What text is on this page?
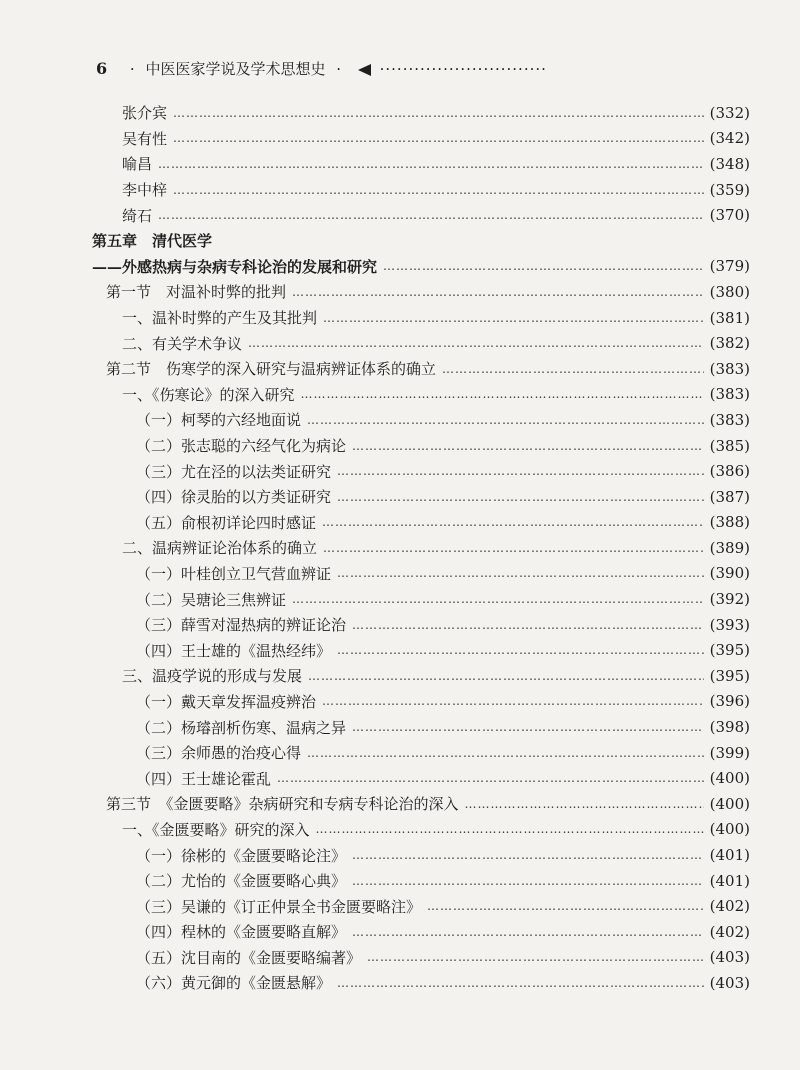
6 · 中医医家学说及学术思想史 ·	·····························
张介宾 …………………………………………………………………………………………………………………………………………………………………………………………	(332)
吴有性 …………………………………………………………………………………………………………………………………………………………………………………………	(342)
喻昌 …………………………………………………………………………………………………………………………………………………………………………………………	(348)
李中梓 …………………………………………………………………………………………………………………………………………………………………………………………	(359)
绮石 …………………………………………………………………………………………………………………………………………………………………………………………	(370)
第五章　清代医学
——外感热病与杂病专科论治的发展和研究 …………………………………………………………………………………………………………………………………………………………………………………………	(379)
第一节　对温补时弊的批判 …………………………………………………………………………………………………………………………………………………………………………………………	(380)
一、温补时弊的产生及其批判 …………………………………………………………………………………………………………………………………………………………………………………………	(381)
二、有关学术争议 …………………………………………………………………………………………………………………………………………………………………………………………	(382)
第二节　伤寒学的深入研究与温病辨证体系的确立 …………………………………………………………………………………………………………………………………………………………………………………………	(383)
一、《伤寒论》的深入研究 …………………………………………………………………………………………………………………………………………………………………………………………	(383)
（一）柯琴的六经地面说 …………………………………………………………………………………………………………………………………………………………………………………………	(383)
（二）张志聪的六经气化为病论 …………………………………………………………………………………………………………………………………………………………………………………………	(385)
（三）尤在泾的以法类证研究 …………………………………………………………………………………………………………………………………………………………………………………………	(386)
（四）徐灵胎的以方类证研究 …………………………………………………………………………………………………………………………………………………………………………………………	(387)
（五）俞根初详论四时感证 …………………………………………………………………………………………………………………………………………………………………………………………	(388)
二、温病辨证论治体系的确立 …………………………………………………………………………………………………………………………………………………………………………………………	(389)
（一）叶桂创立卫气营血辨证 …………………………………………………………………………………………………………………………………………………………………………………………	(390)
（二）吴瑭论三焦辨证 …………………………………………………………………………………………………………………………………………………………………………………………	(392)
（三）薛雪对湿热病的辨证论治 …………………………………………………………………………………………………………………………………………………………………………………………	(393)
（四）王士雄的《温热经纬》 …………………………………………………………………………………………………………………………………………………………………………………………	(395)
三、温疫学说的形成与发展 …………………………………………………………………………………………………………………………………………………………………………………………	(395)
（一）戴天章发挥温疫辨治 …………………………………………………………………………………………………………………………………………………………………………………………	(396)
（二）杨璿剖析伤寒、温病之异 …………………………………………………………………………………………………………………………………………………………………………………………	(398)
（三）余师愚的治疫心得 …………………………………………………………………………………………………………………………………………………………………………………………	(399)
（四）王士雄论霍乱 …………………………………………………………………………………………………………………………………………………………………………………………	(400)
第三节　《金匮要略》杂病研究和专病专科论治的深入 …………………………………………………………………………………………………………………………………………………………………………………………	(400)
一、《金匮要略》研究的深入 …………………………………………………………………………………………………………………………………………………………………………………………	(400)
（一）徐彬的《金匮要略论注》 …………………………………………………………………………………………………………………………………………………………………………………………	(401)
（二）尤怡的《金匮要略心典》 …………………………………………………………………………………………………………………………………………………………………………………………	(401)
（三）吴谦的《订正仲景全书金匮要略注》 …………………………………………………………………………………………………………………………………………………………………………………………	(402)
（四）程林的《金匮要略直解》 …………………………………………………………………………………………………………………………………………………………………………………………	(402)
（五）沈目南的《金匮要略编著》 …………………………………………………………………………………………………………………………………………………………………………………………	(403)
（六）黄元御的《金匮悬解》 …………………………………………………………………………………………………………………………………………………………………………………………	(403)
